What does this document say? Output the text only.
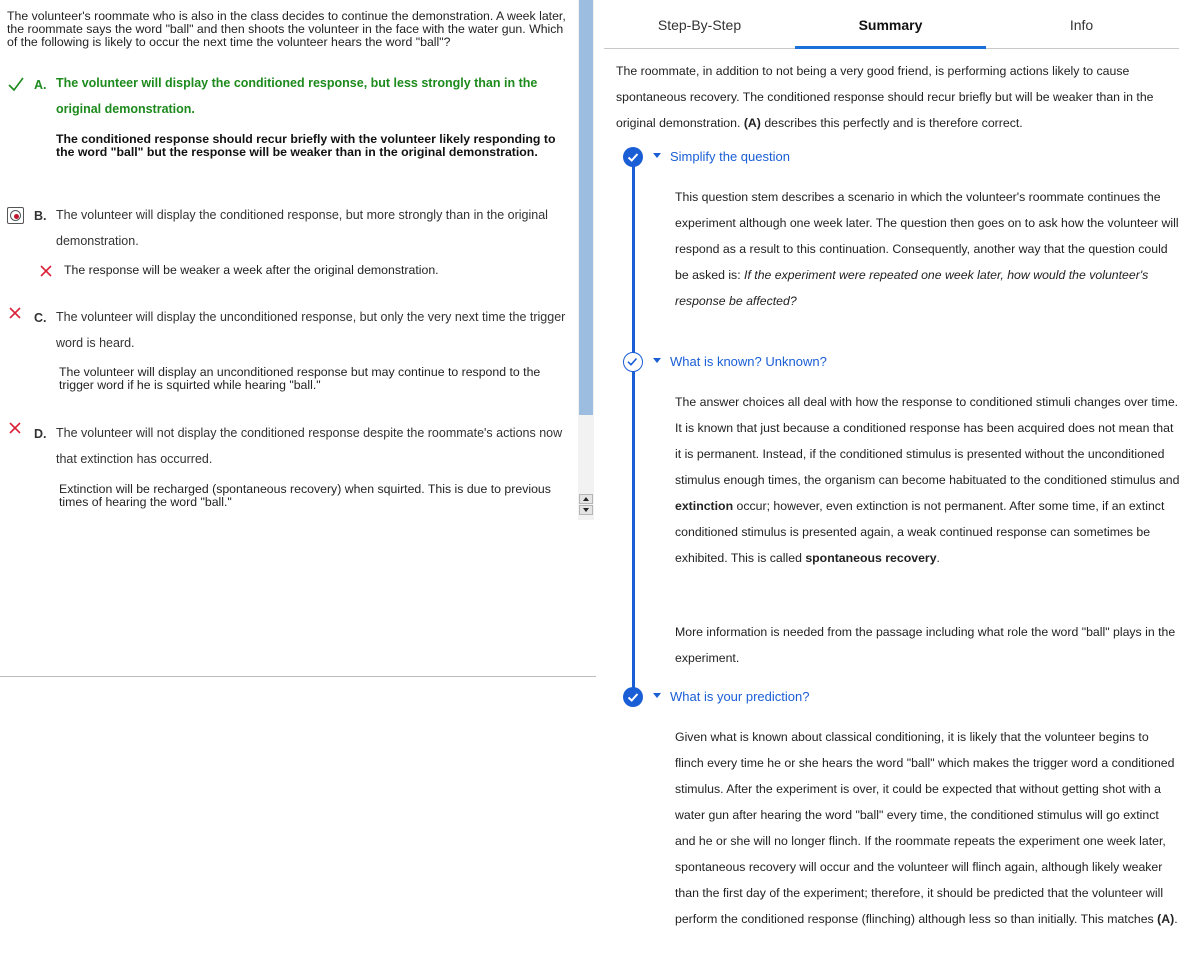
The volunteer's roommate who is also in the class decides to continue the demonstration. A week later, the roommate says the word "ball" and then shoots the volunteer in the face with the water gun. Which of the following is likely to occur the next time the volunteer hears the word "ball"?

A. The volunteer will display the conditioned response, but less strongly than in the original demonstration.

The conditioned response should recur briefly with the volunteer likely responding to the word "ball" but the response will be weaker than in the original demonstration.

B. The volunteer will display the conditioned response, but more strongly than in the original demonstration.

The response will be weaker a week after the original demonstration.

C. The volunteer will display the unconditioned response, but only the very next time the trigger word is heard.

The volunteer will display an unconditioned response but may continue to respond to the trigger word if he is squirted while hearing "ball."

D. The volunteer will not display the conditioned response despite the roommate's actions now that extinction has occurred.

Extinction will be recharged (spontaneous recovery) when squirted. This is due to previous times of hearing the word "ball."

Step-By-Step	Summary	Info

The roommate, in addition to not being a very good friend, is performing actions likely to cause spontaneous recovery. The conditioned response should recur briefly but will be weaker than in the original demonstration. (A) describes this perfectly and is therefore correct.

Simplify the question

This question stem describes a scenario in which the volunteer's roommate continues the experiment although one week later. The question then goes on to ask how the volunteer will respond as a result to this continuation. Consequently, another way that the question could be asked is: If the experiment were repeated one week later, how would the volunteer's response be affected?

What is known? Unknown?

The answer choices all deal with how the response to conditioned stimuli changes over time. It is known that just because a conditioned response has been acquired does not mean that it is permanent. Instead, if the conditioned stimulus is presented without the unconditioned stimulus enough times, the organism can become habituated to the conditioned stimulus and extinction occur; however, even extinction is not permanent. After some time, if an extinct conditioned stimulus is presented again, a weak continued response can sometimes be exhibited. This is called spontaneous recovery.

More information is needed from the passage including what role the word "ball" plays in the experiment.

What is your prediction?

Given what is known about classical conditioning, it is likely that the volunteer begins to flinch every time he or she hears the word "ball" which makes the trigger word a conditioned stimulus. After the experiment is over, it could be expected that without getting shot with a water gun after hearing the word "ball" every time, the conditioned stimulus will go extinct and he or she will no longer flinch. If the roommate repeats the experiment one week later, spontaneous recovery will occur and the volunteer will flinch again, although likely weaker than the first day of the experiment; therefore, it should be predicted that the volunteer will perform the conditioned response (flinching) although less so than initially. This matches (A).
